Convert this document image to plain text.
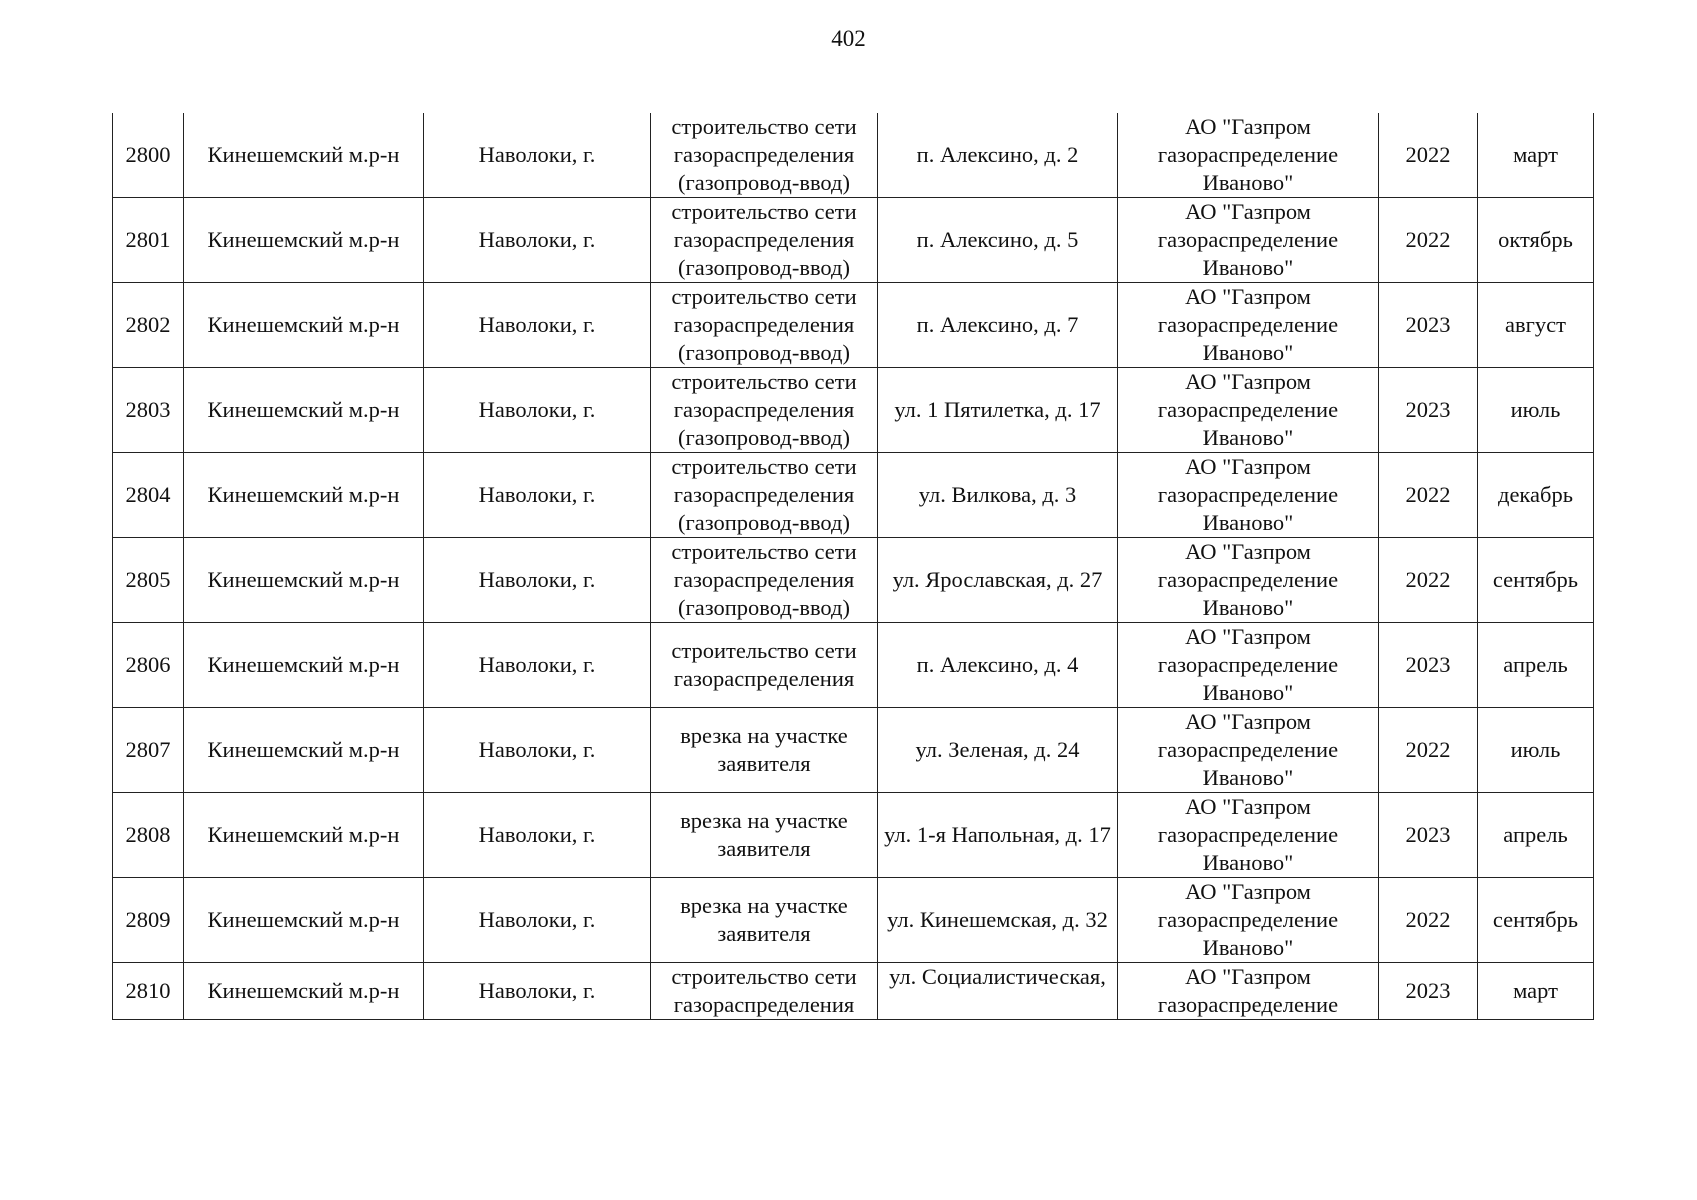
402
2800	Кинешемский м.р-н	Наволоки, г.	строительство сети газораспределения (газопровод-ввод)	п. Алексино, д. 2	АО "Газпром газораспределение Иваново"	2022	март
2801	Кинешемский м.р-н	Наволоки, г.	строительство сети газораспределения (газопровод-ввод)	п. Алексино, д. 5	АО "Газпром газораспределение Иваново"	2022	октябрь
2802	Кинешемский м.р-н	Наволоки, г.	строительство сети газораспределения (газопровод-ввод)	п. Алексино, д. 7	АО "Газпром газораспределение Иваново"	2023	август
2803	Кинешемский м.р-н	Наволоки, г.	строительство сети газораспределения (газопровод-ввод)	ул. 1 Пятилетка, д. 17	АО "Газпром газораспределение Иваново"	2023	июль
2804	Кинешемский м.р-н	Наволоки, г.	строительство сети газораспределения (газопровод-ввод)	ул. Вилкова, д. 3	АО "Газпром газораспределение Иваново"	2022	декабрь
2805	Кинешемский м.р-н	Наволоки, г.	строительство сети газораспределения (газопровод-ввод)	ул. Ярославская, д. 27	АО "Газпром газораспределение Иваново"	2022	сентябрь
2806	Кинешемский м.р-н	Наволоки, г.	строительство сети газораспределения	п. Алексино, д. 4	АО "Газпром газораспределение Иваново"	2023	апрель
2807	Кинешемский м.р-н	Наволоки, г.	врезка на участке заявителя	ул. Зеленая, д. 24	АО "Газпром газораспределение Иваново"	2022	июль
2808	Кинешемский м.р-н	Наволоки, г.	врезка на участке заявителя	ул. 1-я Напольная, д. 17	АО "Газпром газораспределение Иваново"	2023	апрель
2809	Кинешемский м.р-н	Наволоки, г.	врезка на участке заявителя	ул. Кинешемская, д. 32	АО "Газпром газораспределение Иваново"	2022	сентябрь
2810	Кинешемский м.р-н	Наволоки, г.	строительство сети газораспределения	ул. Социалистическая,	АО "Газпром газораспределение	2023	март
